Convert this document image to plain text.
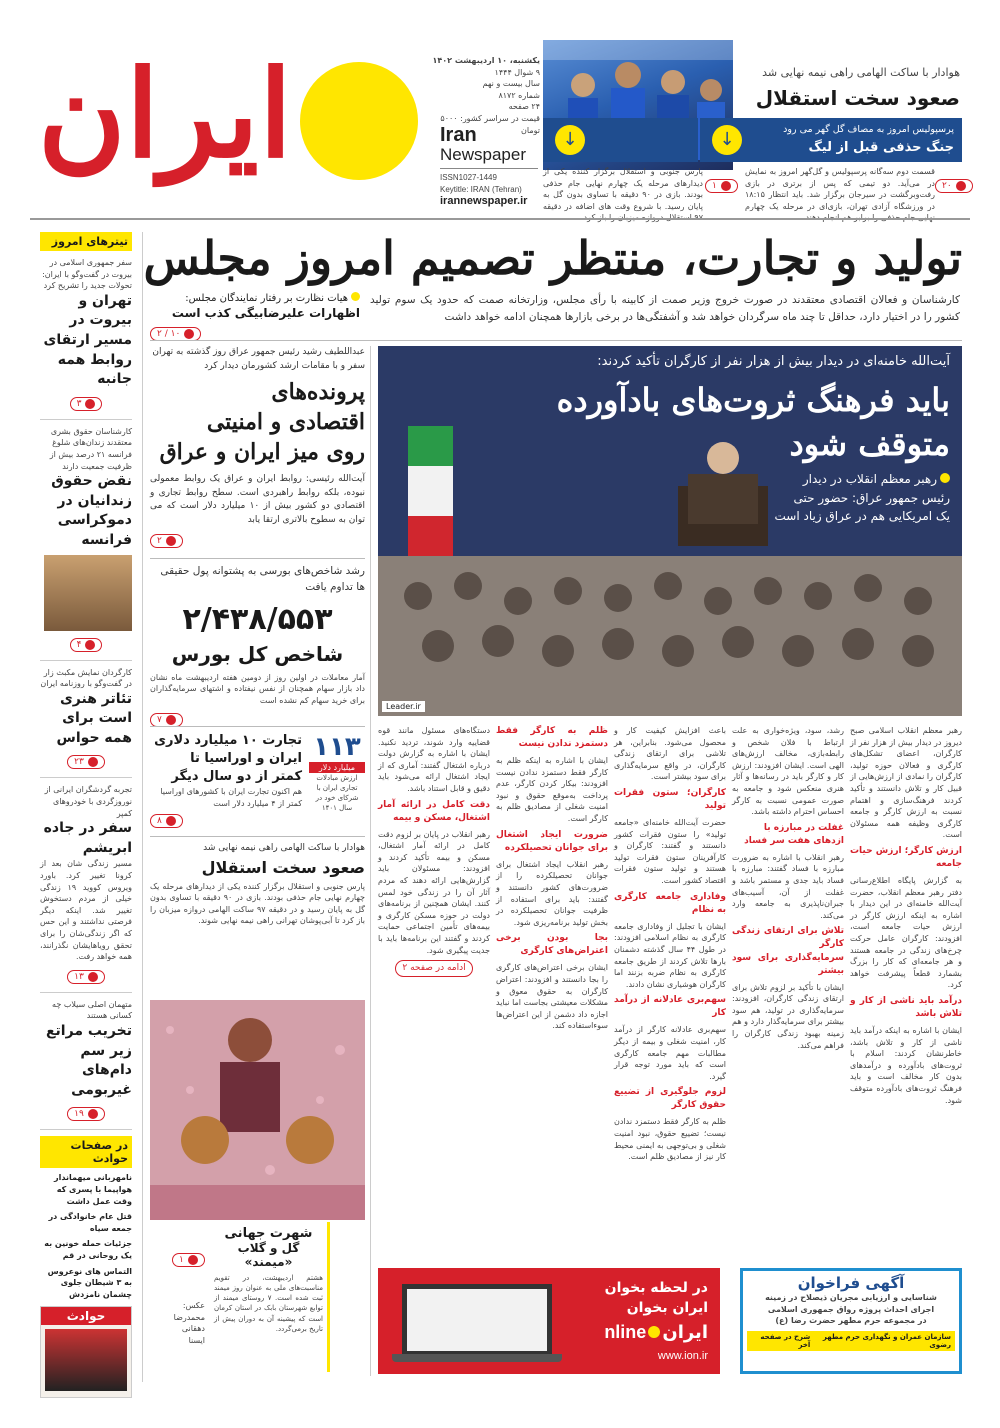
ایران	یکشنبه، ۱۰ اردیبهشت ۱۴۰۲
۹ شوال ۱۴۴۴
سال بیست و نهم
شماره ۸۱۷۲
۲۴ صفحه
قیمت در سراسر کشور: ۵۰۰۰ تومان
Iran
Newspaper
ISSN1027-1449
Keytitle: IRAN (Tehran)
irannewspaper.ir
هوادار با ساکت الهامی راهی نیمه نهایی شد
صعود سخت استقلال
پرسپولیس امروز به مصاف گل گهر می رود
جنگ حذفی قبل از لیگ
↓
↓
قسمت دوم سه‌گانه پرسپولیس و گل‌گهر امروز به نمایش در می‌آید. دو تیمی که پس از برتری در بازی رفت‌وبرگشت در سیرجان برگزار شد. باید انتظار ۱۸:۱۵ در ورزشگاه آزادی تهران، بازی‌ای در مرحله یک چهارم
۲۰
پارس جنوبی و استقلال برگزار کننده یکی از دیدارهای مرحله یک چهارم نهایی جام حذفی بودند. بازی در ۹۰ دقیقه با تساوی بدون گل به پایان رسید. با شروع وقت های اضافه در دقیقه
۱
تیترهای امروز
سفر جمهوری اسلامی در بیروت در گفت‌وگو با ایران: تحولات جدید را تشریح کرد
تهران و بیروت در مسیر ارتقای روابط همه جانبه
۳
کارشناسان حقوق بشری معتقدند زندان‌های شلوغ فرانسه ۲۱ درصد بیش از ظرفیت جمعیت دارند
نقض حقوق زندانیان در دموکراسی فرانسه
۴
کارگردان نمایش مکبث زار در گفت‌وگو با روزنامه ایران
تئاتر هنری است برای همه حواس
۲۳
تجربه گردشگران ایرانی از نوروزگردی با خودروهای کمپر
سفر در جاده ابریشم
مسیر زندگی شان بعد از کرونا تغییر کرد. باورد ویروس کووید ۱۹ زندگی خیلی از مردم دستخوش تغییر شد. اینکه دیگر فرصتی نداشتند و این حس که اگر زندگی‌شان را برای تحقق رویاهایشان نگذرانند، همه خواهد رفت.
۱۳
متهمان اصلی سیلاب چه کسانی هستند
تخریب مراتع زیر سم دام‌های غیربومی
۱۹
در صفحات حوادث
نامهربانی میهماندار هواپیما با پسری که وقت عمل داشت
قتل عام خانوادگی در جمعه سیاه
جزئیات حمله خونین به یک روحانی در قم
التماس های نوعروس به ۳ شیطان جلوی چشمان نامزدش
حوادث
تولید و تجارت، منتظر تصمیم امروز مجلس
کارشناسان و فعالان اقتصادی معتقدند در صورت خروج وزیر صمت از کابینه با رأی مجلس، وزارتخانه صمت که حدود یک سوم تولید کشور را در اختیار دارد، حداقل تا چند ماه سرگردان خواهد شد و آشفتگی‌ها در برخی بازارها همچنان ادامه خواهد داشت
هیات نظارت بر رفتار نمایندگان مجلس:
اظهارات علیرضابیگی کذب است
۱۰ / ۲
آیت‌الله خامنه‌ای در دیدار بیش از هزار نفر از کارگران تأکید کردند:
باید فرهنگ ثروت‌های بادآورده
متوقف شود
رهبر معظم انقلاب در دیدار
رئیس جمهور عراق: حضور حتی
یک امریکایی هم در عراق زیاد است
Leader.ir
عبداللطیف رشید رئیس جمهور عراق روز گذشته به تهران سفر و با مقامات ارشد کشورمان دیدار کرد
پرونده‌های
اقتصادی و امنیتی
روی میز ایران و عراق
آیت‌الله رئیسی: روابط ایران و عراق یک روابط معمولی نبوده، بلکه روابط راهبردی است. سطح روابط تجاری و اقتصادی دو کشور بیش از ۱۰ میلیارد دلار است که می توان به سطوح بالاتری ارتقا یابد
۲
رشد شاخص‌های بورسی به پشتوانه پول حقیقی ها تداوم یافت
۲/۴۳۸/۵۵۳
شاخص کل بورس
آمار معاملات در اولین روز از دومین هفته اردیبهشت ماه نشان داد بازار سهام همچنان از نفس نیفتاده و اشتهای سرمایه‌گذاران برای خرید سهام کم نشده است
۷
۱۱۳
میلیارد دلار
ارزش مبادلات تجاری ایران با شرکای خود در سال ۱۴۰۱
تجارت ۱۰ میلیارد دلاری
ایران و اوراسیا تا
کمتر از دو سال دیگر
هم اکنون تجارت ایران با کشورهای اوراسیا کمتر از ۴ میلیارد دلار است
۸
هوادار با ساکت الهامی راهی نیمه نهایی شد
صعود سخت استقلال
پارس جنوبی و استقلال برگزار کننده یکی از دیدارهای مرحله یک چهارم نهایی جام حذفی بودند. بازی در ۹۰ دقیقه با تساوی بدون گل به پایان رسید و در دقیقه ۹۷ ساکت الهامی دروازه میزبان را باز کرد تا آبی‌پوشان تهرانی راهی نیمه نهایی شوند.
شهرت جهانی
گل و گلاب «میمند»
هشتم اردیبهشت، در تقویم مناسبت‌های ملی به عنوان روز میمند ثبت شده است. ۷ روستای میمند از توابع شهرستان بابک در استان کرمان است که پیشینه آن به دوران پیش از تاریخ برمی‌گردد.
۱
عکس:
محمدرضا دهقانی
ایسنا
رهبر معظم انقلاب اسلامی صبح دیروز در دیدار بیش از هزار نفر از کارگران، اعضای تشکل‌های کارگری و فعالان حوزه تولید، کارگران را نمادی از ارزش‌هایی از قبیل کار و تلاش دانستند و تأکید کردند فرهنگ‌سازی و اهتمام نسبت به ارزش کارگر و جامعه کارگری وظیفه همه مسئولان است.
ارزش کارگر؛ ارزش حیات جامعه
به گزارش پایگاه اطلاع‌رسانی دفتر رهبر معظم انقلاب، حضرت آیت‌الله خامنه‌ای در این دیدار با اشاره به اینکه ارزش کارگر در ارزش حیات جامعه است، افزودند: کارگران عامل حرکت چرخ‌های زندگی در جامعه هستند و هر جامعه‌ای که کار را بزرگ بشمارد قطعاً پیشرفت خواهد کرد.
درآمد باید ناشی از کار و تلاش باشد
ایشان با اشاره به اینکه درآمد باید ناشی از کار و تلاش باشد، خاطرنشان کردند: اسلام با ثروت‌های بادآورده و درآمدهای بدون کار مخالف است و باید فرهنگ ثروت‌های بادآورده متوقف شود.
رشد، سود، ویژه‌خواری به علت ارتباط با فلان شخص و رابطه‌بازی، مخالف ارزش‌های الهی است. ایشان افزودند: ارزش کار و کارگر باید در رسانه‌ها و آثار هنری منعکس شود و جامعه به صورت عمومی نسبت به کارگر احساس احترام داشته باشد.
غفلت در مبارزه با
ازدهای هفت سر فساد
رهبر انقلاب با اشاره به ضرورت مبارزه با فساد گفتند: مبارزه با فساد باید جدی و مستمر باشد و غفلت از آن، آسیب‌های جبران‌ناپذیری به جامعه وارد می‌کند.
تلاش برای ارتقای زندگی کارگر
سرمایه‌گذاری برای سود بیشتر
ایشان با تأکید بر لزوم تلاش برای ارتقای زندگی کارگران، افزودند: سرمایه‌گذاری در تولید، هم سود بیشتر برای سرمایه‌گذار دارد و هم زمینه بهبود زندگی کارگران را فراهم می‌کند.
باعث افزایش کیفیت کار و محصول می‌شود. بنابراین، هر تلاشی برای ارتقای زندگی کارگران، در واقع سرمایه‌گذاری برای سود بیشتر است.
کارگران؛ ستون فقرات تولید
حضرت آیت‌الله خامنه‌ای «جامعه تولید» را ستون فقرات کشور دانستند و گفتند: کارگران و کارآفرینان ستون فقرات تولید هستند و تولید ستون فقرات اقتصاد کشور است.
وفاداری جامعه کارگری به نظام
ایشان با تجلیل از وفاداری جامعه کارگری به نظام اسلامی افزودند: در طول ۴۴ سال گذشته دشمنان بارها تلاش کردند از طریق جامعه کارگری به نظام ضربه بزنند اما کارگران هوشیاری نشان دادند.
سهم‌بری عادلانه از درآمد کار
سهم‌بری عادلانه کارگر از درآمد کار، امنیت شغلی و بیمه از دیگر مطالبات مهم جامعه کارگری است که باید مورد توجه قرار گیرد.
لزوم جلوگیری از تضییع حقوق کارگر
ظلم به کارگر فقط دستمزد ندادن نیست؛ تضییع حقوق، نبود امنیت شغلی و بی‌توجهی به ایمنی محیط کار نیز از مصادیق ظلم است.
ظلم به کارگر فقط دستمزد ندادن نیست
ایشان با اشاره به اینکه ظلم به کارگر فقط دستمزد ندادن نیست افزودند: بیکار کردن کارگر، عدم پرداخت به‌موقع حقوق و نبود امنیت شغلی از مصادیق ظلم به کارگر است.
ضرورت ایجاد اشتغال برای جوانان تحصیلکرده
رهبر انقلاب ایجاد اشتغال برای جوانان تحصیلکرده را از ضرورت‌های کشور دانستند و گفتند: باید برای استفاده از ظرفیت جوانان تحصیلکرده در بخش تولید برنامه‌ریزی شود.
بجا بودن برخی اعتراض‌های کارگری
ایشان برخی اعتراض‌های کارگری را بجا دانستند و افزودند: اعتراض کارگران به حقوق معوق و مشکلات معیشتی بجاست اما نباید اجازه داد دشمن از این اعتراض‌ها سوءاستفاده کند.
دستگاه‌های مسئول مانند قوه قضاییه وارد شوند، تردید نکنید. ایشان با اشاره به گزارش دولت درباره اشتغال گفتند: آماری که از ایجاد اشتغال ارائه می‌شود باید دقیق و قابل استناد باشد.
دقت کامل در ارائه آمار اشتغال، مسکن و بیمه
رهبر انقلاب در پایان بر لزوم دقت کامل در ارائه آمار اشتغال، مسکن و بیمه تأکید کردند و افزودند: مسئولان باید گزارش‌هایی ارائه دهند که مردم آثار آن را در زندگی خود لمس کنند. ایشان همچنین از برنامه‌های دولت در حوزه مسکن کارگری و بیمه‌های تأمین اجتماعی حمایت کردند و گفتند این برنامه‌ها باید با جدیت پیگیری شود.
ادامه در صفحه ۲
در لحظه بخوان
ایران بخوان
ایرانnline
www.ion.ir
آگهی فراخوان
شناسایی و ارزیابی مجریان ذیصلاح در زمینه
اجرای احداث پروژه رواق جمهوری اسلامی
در مجموعه حرم مطهر حضرت رضا (ع)
سازمان عمران و نگهداری حرم مطهر رضوی
شرح در صفحه آخر
